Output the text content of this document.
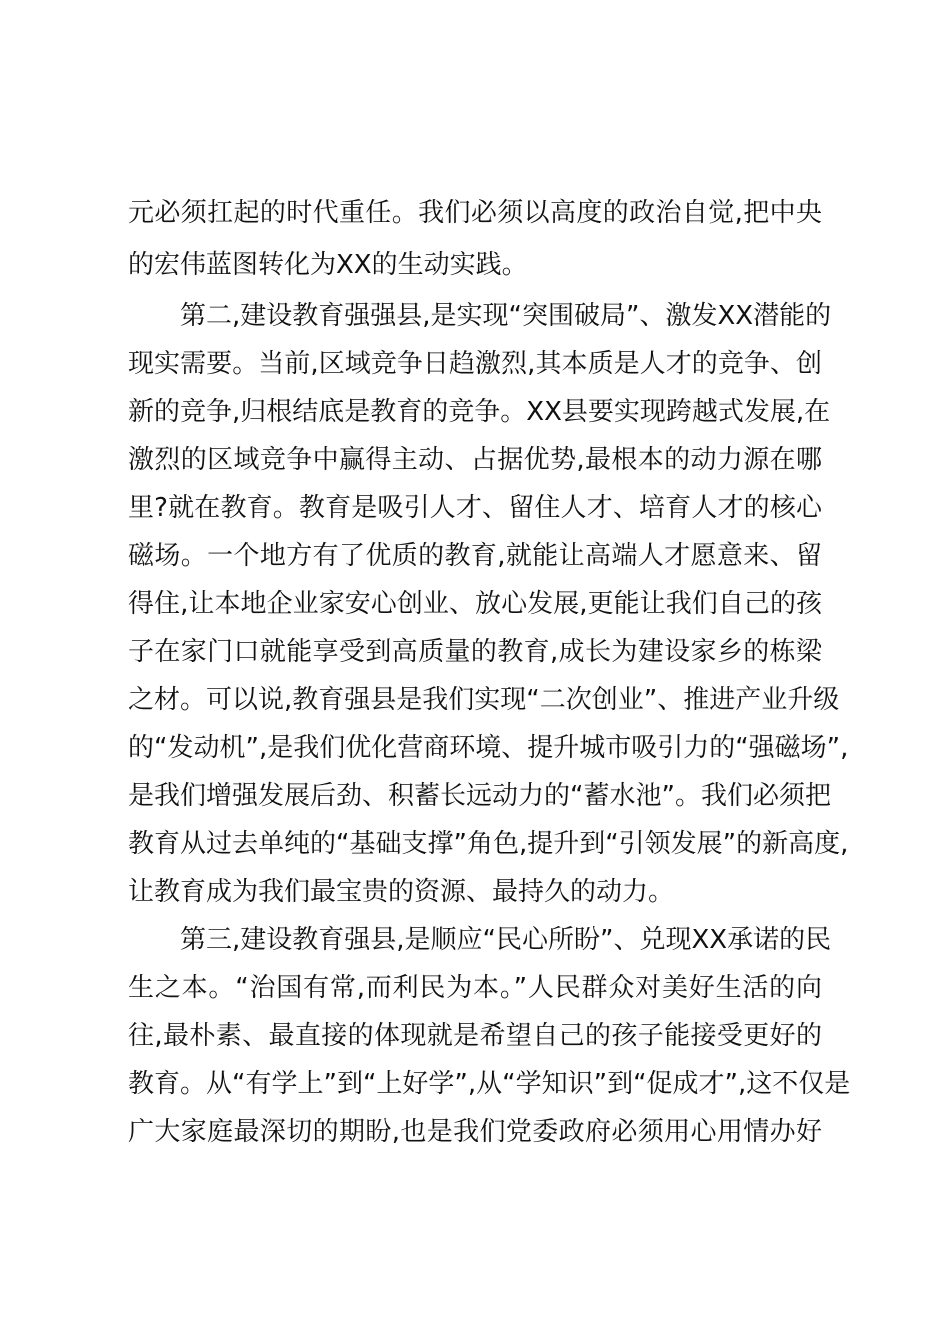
元必须扛起的时代重任。我们必须以高度的政治自觉,把中央
的宏伟蓝图转化为XX的生动实践。
第二,建设教育强强县,是实现“突围破局”、激发XX潜能的
现实需要。当前,区域竞争日趋激烈,其本质是人才的竞争、创
新的竞争,归根结底是教育的竞争。XX县要实现跨越式发展,在
激烈的区域竞争中赢得主动、占据优势,最根本的动力源在哪
里?就在教育。教育是吸引人才、留住人才、培育人才的核心
磁场。一个地方有了优质的教育,就能让高端人才愿意来、留
得住,让本地企业家安心创业、放心发展,更能让我们自己的孩
子在家门口就能享受到高质量的教育,成长为建设家乡的栋梁
之材。可以说,教育强县是我们实现“二次创业”、推进产业升级
的“发动机”,是我们优化营商环境、提升城市吸引力的“强磁场”,
是我们增强发展后劲、积蓄长远动力的“蓄水池”。我们必须把
教育从过去单纯的“基础支撑”角色,提升到“引领发展”的新高度,
让教育成为我们最宝贵的资源、最持久的动力。
第三,建设教育强县,是顺应“民心所盼”、兑现XX承诺的民
生之本。“治国有常,而利民为本。”人民群众对美好生活的向
往,最朴素、最直接的体现就是希望自己的孩子能接受更好的
教育。从“有学上”到“上好学”,从“学知识”到“促成才”,这不仅是
广大家庭最深切的期盼,也是我们党委政府必须用心用情办好
